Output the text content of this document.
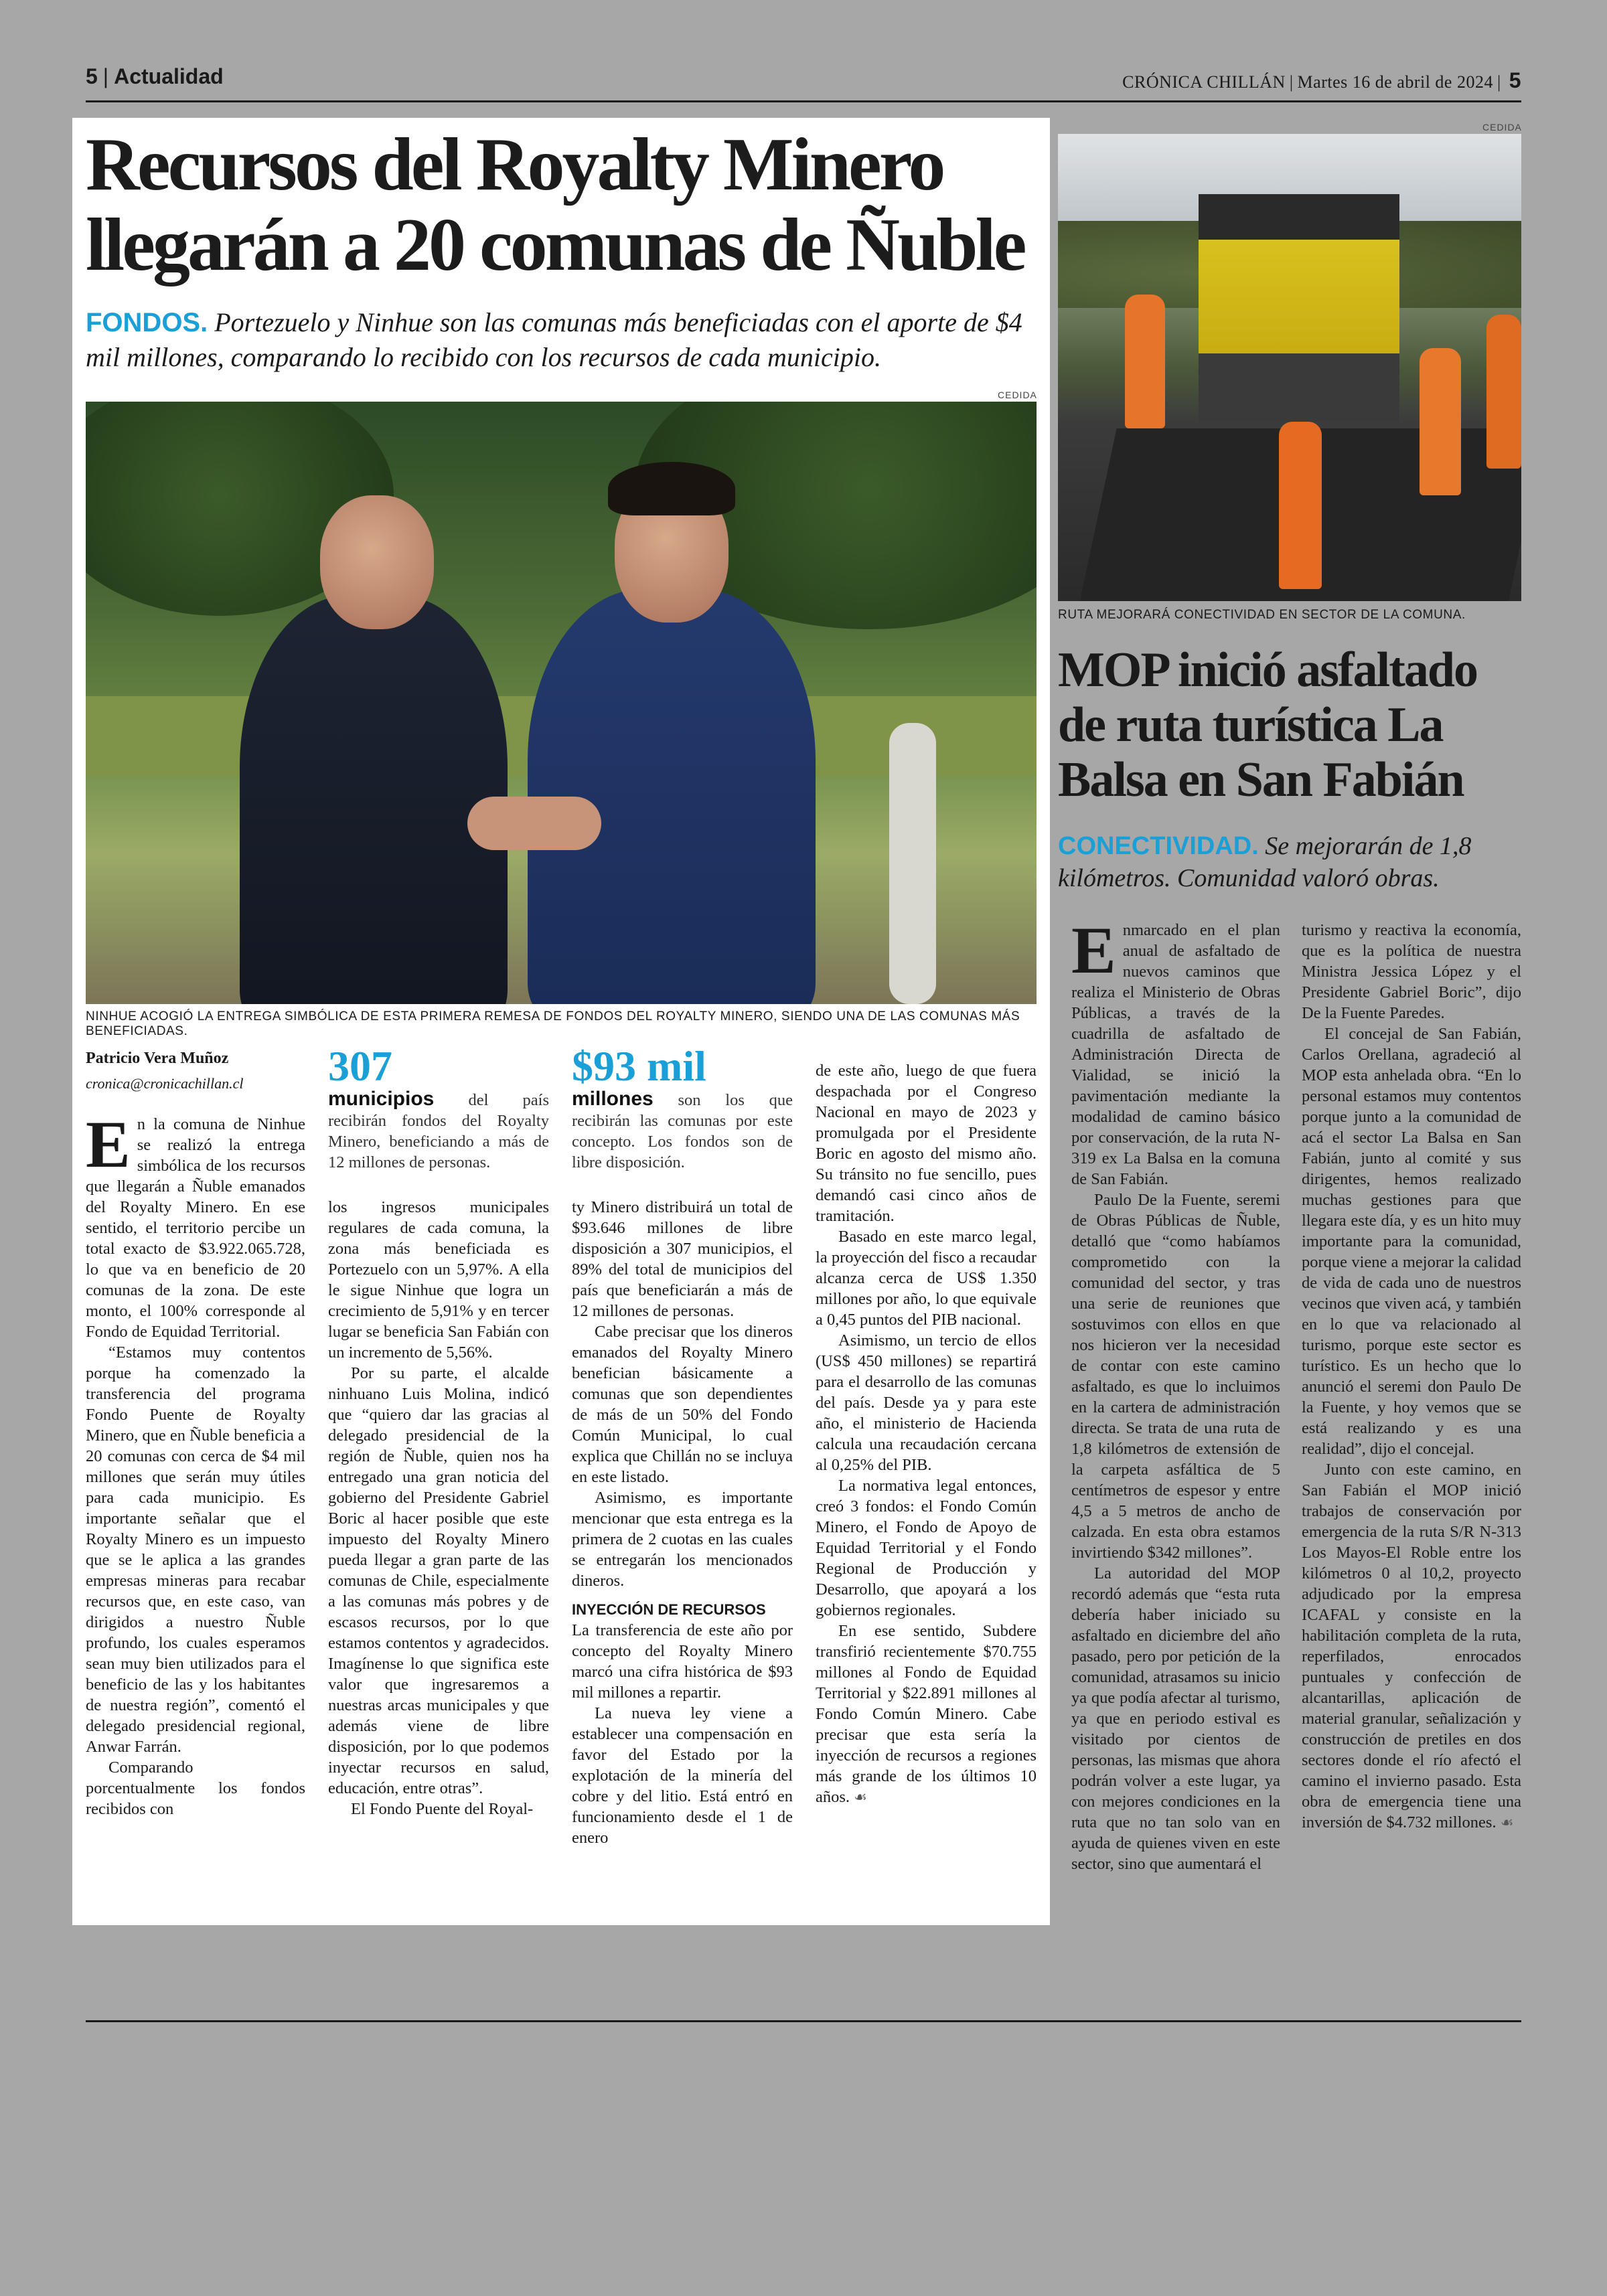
5 | Actualidad	CRÓNICA CHILLÁN | Martes 16 de abril de 2024 | 5
Recursos del Royalty Minero llegarán a 20 comunas de Ñuble
FONDOS. Portezuelo y Ninhue son las comunas más beneficiadas con el aporte de $4 mil millones, comparando lo recibido con los recursos de cada municipio.
CEDIDA
NINHUE ACOGIÓ LA ENTREGA SIMBÓLICA DE ESTA PRIMERA REMESA DE FONDOS DEL ROYALTY MINERO, SIENDO UNA DE LAS COMUNAS MÁS BENEFICIADAS.
Patricio Vera Muñoz
cronica@cronicachillan.cl

En la comuna de Ninhue se realizó la entrega simbólica de los recursos que llegarán a Ñuble emanados del Royalty Minero. En ese sentido, el territorio percibe un total exacto de $3.922.065.728, lo que va en beneficio de 20 comunas de la zona. De este monto, el 100% corresponde al Fondo de Equidad Territorial.

“Estamos muy contentos porque ha comenzado la transferencia del programa Fondo Puente de Royalty Minero, que en Ñuble beneficia a 20 comunas con cerca de $4 mil millones que serán muy útiles para cada municipio. Es importante señalar que el Royalty Minero es un impuesto que se le aplica a las grandes empresas mineras para recabar recursos que, en este caso, van dirigidos a nuestro Ñuble profundo, los cuales esperamos sean muy bien utilizados para el beneficio de las y los habitantes de nuestra región”, comentó el delegado presidencial regional, Anwar Farrán.

Comparando porcentualmente los fondos recibidos con

307
municipios del país recibirán fondos del Royalty Minero, beneficiando a más de 12 millones de personas.

los ingresos municipales regulares de cada comuna, la zona más beneficiada es Portezuelo con un 5,97%. A ella le sigue Ninhue que logra un crecimiento de 5,91% y en tercer lugar se beneficia San Fabián con un incremento de 5,56%.

Por su parte, el alcalde ninhuano Luis Molina, indicó que “quiero dar las gracias al delegado presidencial de la región de Ñuble, quien nos ha entregado una gran noticia del gobierno del Presidente Gabriel Boric al hacer posible que este impuesto del Royalty Minero pueda llegar a gran parte de las comunas de Chile, especialmente a las comunas más pobres y de escasos recursos, por lo que estamos contentos y agradecidos. Imagínense lo que significa este valor que ingresaremos a nuestras arcas municipales y que además viene de libre disposición, por lo que podemos inyectar recursos en salud, educación, entre otras”.

El Fondo Puente del Royal-

$93 mil
millones son los que recibirán las comunas por este concepto. Los fondos son de libre disposición.

ty Minero distribuirá un total de $93.646 millones de libre disposición a 307 municipios, el 89% del total de municipios del país que beneficiarán a más de 12 millones de personas.

Cabe precisar que los dineros emanados del Royalty Minero benefician básicamente a comunas que son dependientes de más de un 50% del Fondo Común Municipal, lo cual explica que Chillán no se incluya en este listado.

Asimismo, es importante mencionar que esta entrega es la primera de 2 cuotas en las cuales se entregarán los mencionados dineros.

INYECCIÓN DE RECURSOS

La transferencia de este año por concepto del Royalty Minero marcó una cifra histórica de $93 mil millones a repartir.

La nueva ley viene a establecer una compensación en favor del Estado por la explotación de la minería del cobre y del litio. Está entró en funcionamiento desde el 1 de enero

de este año, luego de que fuera despachada por el Congreso Nacional en mayo de 2023 y promulgada por el Presidente Boric en agosto del mismo año. Su tránsito no fue sencillo, pues demandó casi cinco años de tramitación.

Basado en este marco legal, la proyección del fisco a recaudar alcanza cerca de US$ 1.350 millones por año, lo que equivale a 0,45 puntos del PIB nacional.

Asimismo, un tercio de ellos (US$ 450 millones) se repartirá para el desarrollo de las comunas del país. Desde ya y para este año, el ministerio de Hacienda calcula una recaudación cercana al 0,25% del PIB.

La normativa legal entonces, creó 3 fondos: el Fondo Común Minero, el Fondo de Apoyo de Equidad Territorial y el Fondo Regional de Producción y Desarrollo, que apoyará a los gobiernos regionales.

En ese sentido, Subdere transfirió recientemente $70.755 millones al Fondo de Equidad Territorial y $22.891 millones al Fondo Común Minero. Cabe precisar que esta sería la inyección de recursos a regiones más grande de los últimos 10 años. ☙

CEDIDA
RUTA MEJORARÁ CONECTIVIDAD EN SECTOR DE LA COMUNA.
MOP inició asfaltado de ruta turística La Balsa en San Fabián
CONECTIVIDAD. Se mejorarán de 1,8 kilómetros. Comunidad valoró obras.

Enmarcado en el plan anual de asfaltado de nuevos caminos que realiza el Ministerio de Obras Públicas, a través de la cuadrilla de asfaltado de Administración Directa de Vialidad, se inició la pavimentación mediante la modalidad de camino básico por conservación, de la ruta N-319 ex La Balsa en la comuna de San Fabián.

Paulo De la Fuente, seremi de Obras Públicas de Ñuble, detalló que “como habíamos comprometido con la comunidad del sector, y tras una serie de reuniones que sostuvimos con ellos en que nos hicieron ver la necesidad de contar con este camino asfaltado, es que lo incluimos en la cartera de administración directa. Se trata de una ruta de 1,8 kilómetros de extensión de la carpeta asfáltica de 5 centímetros de espesor y entre 4,5 a 5 metros de ancho de calzada. En esta obra estamos invirtiendo $342 millones”.

La autoridad del MOP recordó además que “esta ruta debería haber iniciado su asfaltado en diciembre del año pasado, pero por petición de la comunidad, atrasamos su inicio ya que podía afectar al turismo, ya que en periodo estival es visitado por cientos de personas, las mismas que ahora podrán volver a este lugar, ya con mejores condiciones en la ruta que no tan solo van en ayuda de quienes viven en este sector, sino que aumentará el

turismo y reactiva la economía, que es la política de nuestra Ministra Jessica López y el Presidente Gabriel Boric”, dijo De la Fuente Paredes.

El concejal de San Fabián, Carlos Orellana, agradeció al MOP esta anhelada obra. “En lo personal estamos muy contentos porque junto a la comunidad de acá el sector La Balsa en San Fabián, junto al comité y sus dirigentes, hemos realizado muchas gestiones para que llegara este día, y es un hito muy importante para la comunidad, porque viene a mejorar la calidad de vida de cada uno de nuestros vecinos que viven acá, y también en lo que va relacionado al turismo, porque este sector es turístico. Es un hecho que lo anunció el seremi don Paulo De la Fuente, y hoy vemos que se está realizando y es una realidad”, dijo el concejal.

Junto con este camino, en San Fabián el MOP inició trabajos de conservación por emergencia de la ruta S/R N-313 Los Mayos-El Roble entre los kilómetros 0 al 10,2, proyecto adjudicado por la empresa ICAFAL y consiste en la habilitación completa de la ruta, reperfilados, enrocados puntuales y confección de alcantarillas, aplicación de material granular, señalización y construcción de pretiles en dos sectores donde el río afectó el camino el invierno pasado. Esta obra de emergencia tiene una inversión de $4.732 millones. ☙
